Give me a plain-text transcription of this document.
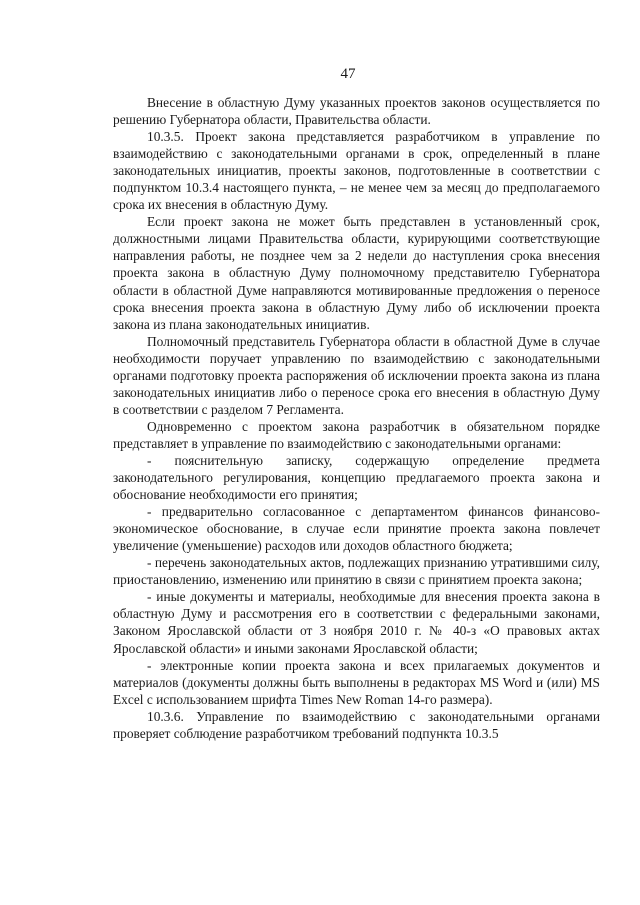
47

Внесение в областную Думу указанных проектов законов осуществляется по решению Губернатора области, Правительства области.

10.3.5. Проект закона представляется разработчиком в управление по взаимодействию с законодательными органами в срок, определенный в плане законодательных инициатив, проекты законов, подготовленные в соответствии с подпунктом 10.3.4 настоящего пункта, – не менее чем за месяц до предполагаемого срока их внесения в областную Думу.

Если проект закона не может быть представлен в установленный срок, должностными лицами Правительства области, курирующими соответствующие направления работы, не позднее чем за 2 недели до наступления срока внесения проекта закона в областную Думу полномочному представителю Губернатора области в областной Думе направляются мотивированные предложения о переносе срока внесения проекта закона в областную Думу либо об исключении проекта закона из плана законодательных инициатив.

Полномочный представитель Губернатора области в областной Думе в случае необходимости поручает управлению по взаимодействию с законодательными органами подготовку проекта распоряжения об исключении проекта закона из плана законодательных инициатив либо о переносе срока его внесения в областную Думу в соответствии с разделом 7 Регламента.

Одновременно с проектом закона разработчик в обязательном порядке представляет в управление по взаимодействию с законодательными органами:

- пояснительную записку, содержащую определение предмета законодательного регулирования, концепцию предлагаемого проекта закона и обоснование необходимости его принятия;

- предварительно согласованное с департаментом финансов финансово-экономическое обоснование, в случае если принятие проекта закона повлечет увеличение (уменьшение) расходов или доходов областного бюджета;

- перечень законодательных актов, подлежащих признанию утратившими силу, приостановлению, изменению или принятию в связи с принятием проекта закона;

- иные документы и материалы, необходимые для внесения проекта закона в областную Думу и рассмотрения его в соответствии с федеральными законами, Законом Ярославской области от 3 ноября 2010 г. № 40-з «О правовых актах Ярославской области» и иными законами Ярославской области;

- электронные копии проекта закона и всех прилагаемых документов и материалов (документы должны быть выполнены в редакторах MS Word и (или) MS Excel с использованием шрифта Times New Roman 14-го размера).

10.3.6. Управление по взаимодействию с законодательными органами проверяет соблюдение разработчиком требований подпункта 10.3.5
